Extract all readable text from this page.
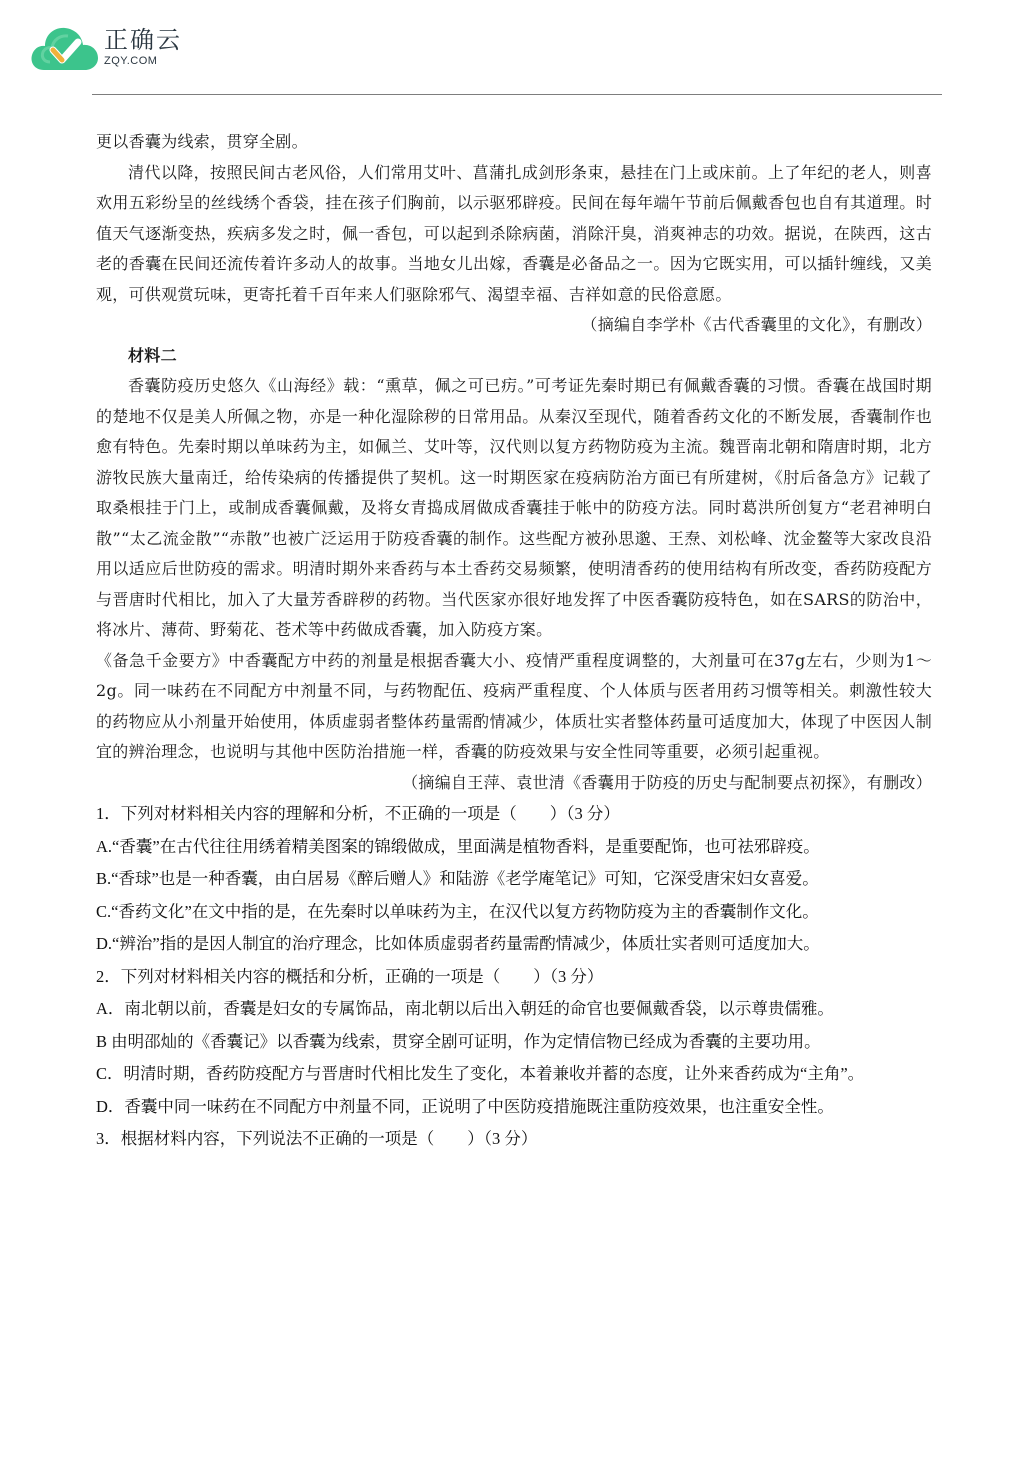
正确云
ZQY.COM

更以香囊为线索，贯穿全剧。

清代以降，按照民间古老风俗，人们常用艾叶、菖蒲扎成剑形条束，悬挂在门上或床前。上了年纪的老人，则喜欢用五彩纷呈的丝线绣个香袋，挂在孩子们胸前，以示驱邪辟疫。民间在每年端午节前后佩戴香包也自有其道理。时值天气逐渐变热，疾病多发之时，佩一香包，可以起到杀除病菌，消除汗臭，消爽神志的功效。据说，在陕西，这古老的香囊在民间还流传着许多动人的故事。当地女儿出嫁，香囊是必备品之一。因为它既实用，可以插针缠线，又美观，可供观赏玩味，更寄托着千百年来人们驱除邪气、渴望幸福、吉祥如意的民俗意愿。

（摘编自李学朴《古代香囊里的文化》，有删改）

材料二

香囊防疫历史悠久《山海经》载：“熏草，佩之可已疠。”可考证先秦时期已有佩戴香囊的习惯。香囊在战国时期的楚地不仅是美人所佩之物，亦是一种化湿除秽的日常用品。从秦汉至现代，随着香药文化的不断发展，香囊制作也愈有特色。先秦时期以单味药为主，如佩兰、艾叶等，汉代则以复方药物防疫为主流。魏晋南北朝和隋唐时期，北方游牧民族大量南迁，给传染病的传播提供了契机。这一时期医家在疫病防治方面已有所建树，《肘后备急方》记载了取桑根挂于门上，或制成香囊佩戴，及将女青捣成屑做成香囊挂于帐中的防疫方法。同时葛洪所创复方“老君神明白散”“太乙流金散”“赤散”也被广泛运用于防疫香囊的制作。这些配方被孙思邈、王焘、刘松峰、沈金鳌等大家改良沿用以适应后世防疫的需求。明清时期外来香药与本土香药交易频繁，使明清香药的使用结构有所改变，香药防疫配方与晋唐时代相比，加入了大量芳香辟秽的药物。当代医家亦很好地发挥了中医香囊防疫特色，如在SARS的防治中，将冰片、薄荷、野菊花、苍术等中药做成香囊，加入防疫方案。

《备急千金要方》中香囊配方中药的剂量是根据香囊大小、疫情严重程度调整的，大剂量可在37g左右，少则为1～2g。同一味药在不同配方中剂量不同，与药物配伍、疫病严重程度、个人体质与医者用药习惯等相关。刺激性较大的药物应从小剂量开始使用，体质虚弱者整体药量需酌情减少，体质壮实者整体药量可适度加大，体现了中医因人制宜的辨治理念，也说明与其他中医防治措施一样，香囊的防疫效果与安全性同等重要，必须引起重视。

（摘编自王萍、袁世清《香囊用于防疫的历史与配制要点初探》，有删改）

1．下列对材料相关内容的理解和分析，不正确的一项是（　　）（3 分）

A.“香囊”在古代往往用绣着精美图案的锦缎做成，里面满是植物香料，是重要配饰，也可祛邪辟疫。

B.“香球”也是一种香囊，由白居易《醉后赠人》和陆游《老学庵笔记》可知，它深受唐宋妇女喜爱。

C.“香药文化”在文中指的是，在先秦时以单味药为主，在汉代以复方药物防疫为主的香囊制作文化。

D.“辨治”指的是因人制宜的治疗理念，比如体质虚弱者药量需酌情减少，体质壮实者则可适度加大。

2．下列对材料相关内容的概括和分析，正确的一项是（　　）（3 分）

A．南北朝以前，香囊是妇女的专属饰品，南北朝以后出入朝廷的命官也要佩戴香袋，以示尊贵儒雅。

B 由明邵灿的《香囊记》以香囊为线索，贯穿全剧可证明，作为定情信物已经成为香囊的主要功用。

C．明清时期，香药防疫配方与晋唐时代相比发生了变化，本着兼收并蓄的态度，让外来香药成为“主角”。

D．香囊中同一味药在不同配方中剂量不同，正说明了中医防疫措施既注重防疫效果，也注重安全性。

3．根据材料内容，下列说法不正确的一项是（　　）（3 分）
